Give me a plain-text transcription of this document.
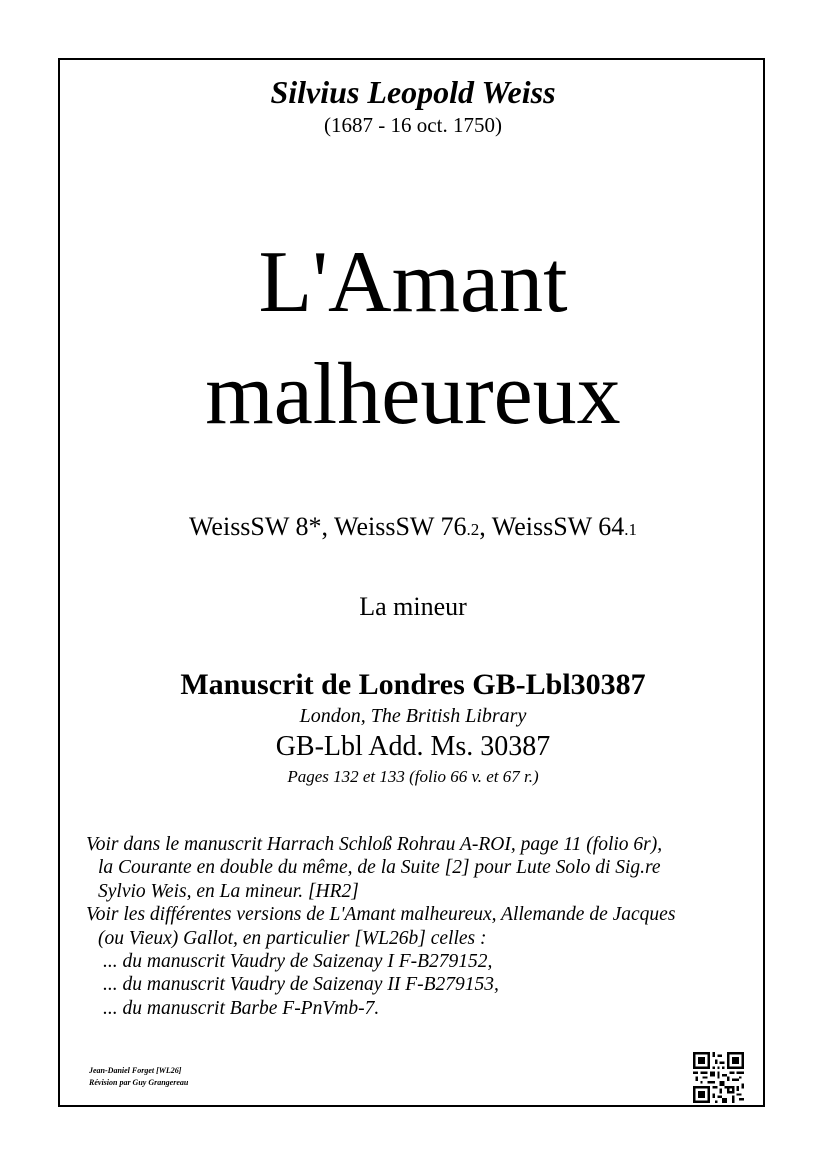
Silvius Leopold Weiss
(1687 - 16 oct. 1750)
L'Amant
malheureux
WeissSW 8*, WeissSW 76.2, WeissSW 64.1
La mineur
Manuscrit de Londres GB-Lbl30387
London, The British Library
GB-Lbl Add. Ms. 30387
Pages 132 et 133 (folio 66 v. et 67 r.)
Voir dans le manuscrit Harrach Schloß Rohrau A-ROI, page 11 (folio 6r),
la Courante en double du même, de la Suite [2] pour Lute Solo di Sig.re
Sylvio Weis, en La mineur. [HR2]
Voir les différentes versions de L'Amant malheureux, Allemande de Jacques
(ou Vieux) Gallot, en particulier [WL26b] celles :
... du manuscrit Vaudry de Saizenay I F-B279152,
... du manuscrit Vaudry de Saizenay II F-B279153,
... du manuscrit Barbe F-PnVmb-7.
Jean-Daniel Forget [WL26]
Révision par Guy Grangereau
